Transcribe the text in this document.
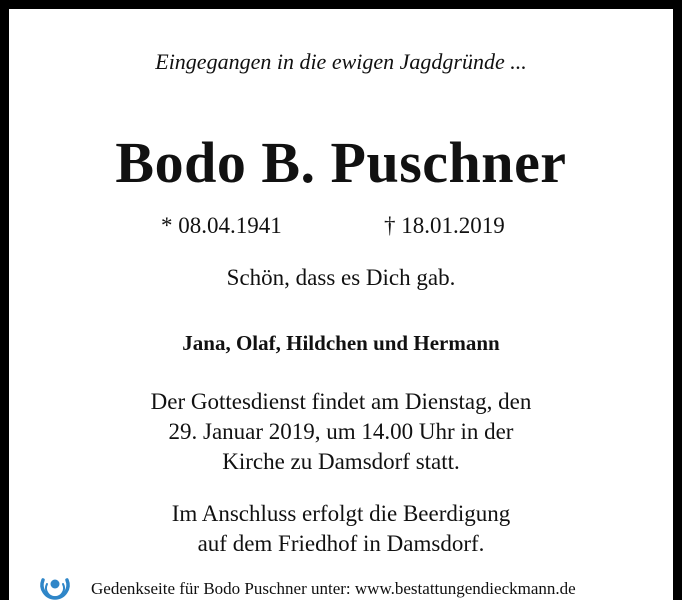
Eingegangen in die ewigen Jagdgründe ...
Bodo B. Puschner
* 08.04.1941	† 18.01.2019
Schön, dass es Dich gab.
Jana, Olaf, Hildchen und Hermann
Der Gottesdienst findet am Dienstag, den
29. Januar 2019, um 14.00 Uhr in der
Kirche zu Damsdorf statt.
Im Anschluss erfolgt die Beerdigung
auf dem Friedhof in Damsdorf.
Gedenkseite für Bodo Puschner unter: www.bestattungendieckmann.de
